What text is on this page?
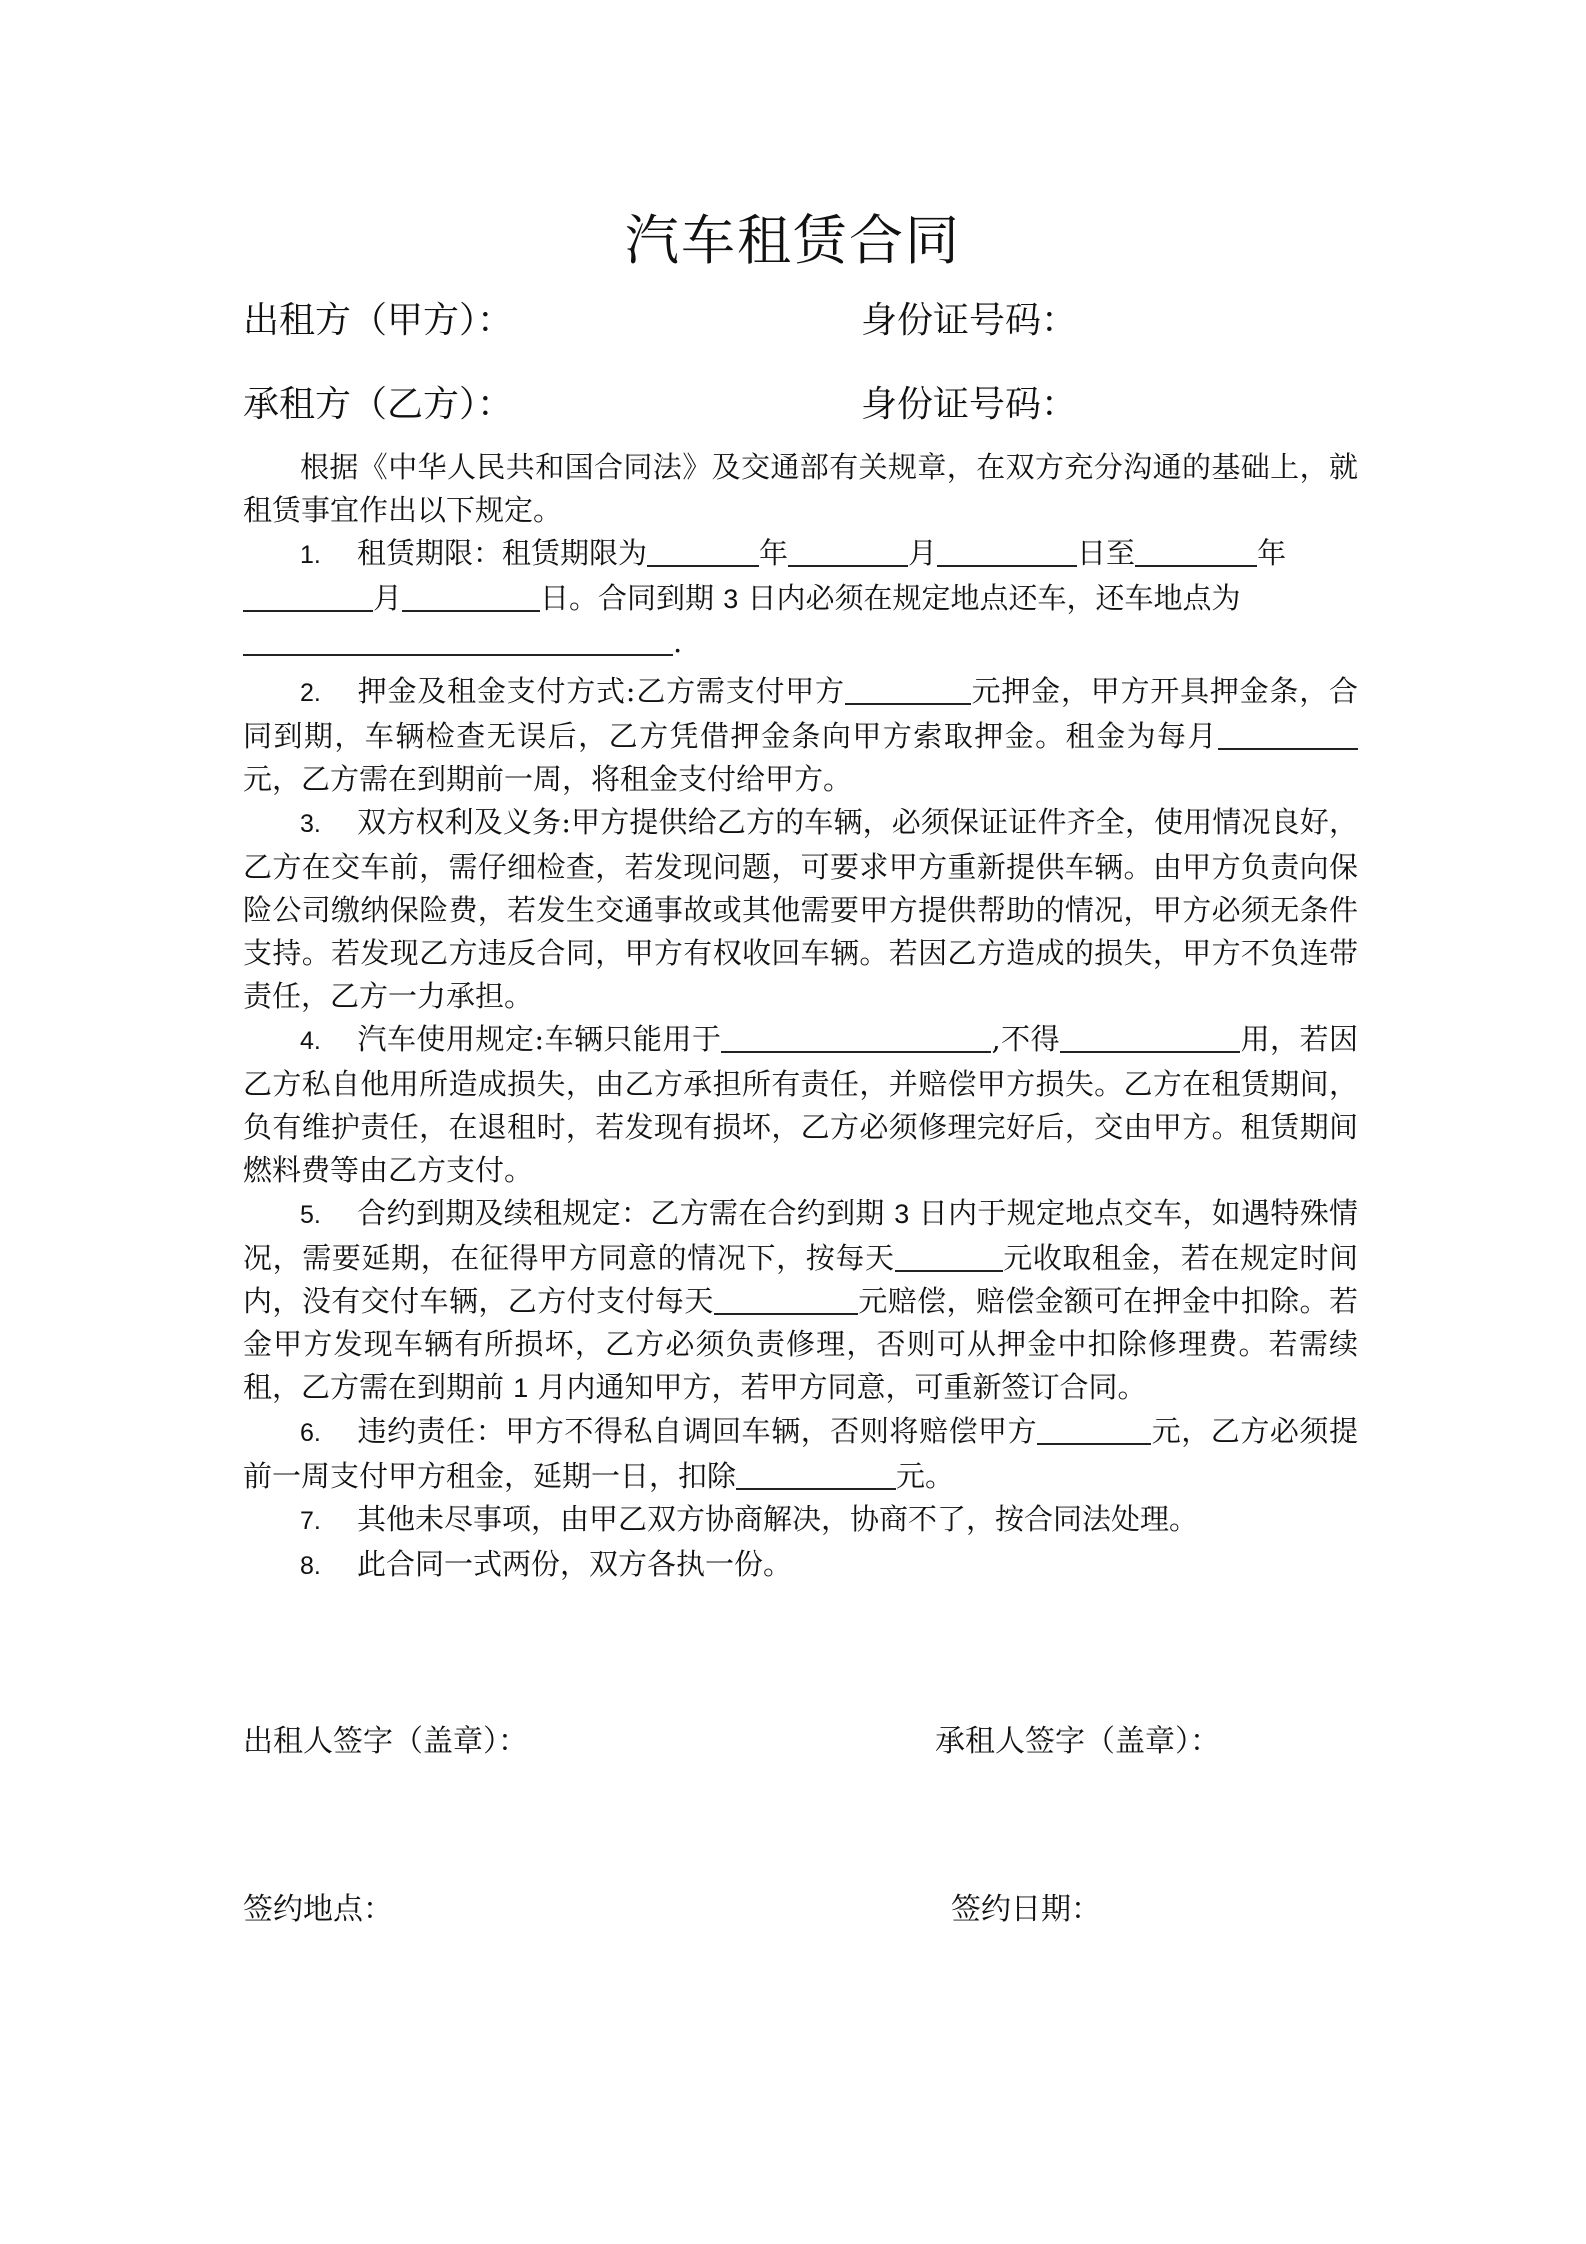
汽车租赁合同
出租方（甲方）：	身份证号码：
承租方（乙方）：	身份证号码：

根据《中华人民共和国合同法》及交通部有关规章，在双方充分沟通的基础上，就租赁事宜作出以下规定。

1. 租赁期限：租赁期限为	年	月	日至	年
月	日。合同到期 3 日内必须在规定地点还车，还车地点为
.

2. 押金及租金支付方式:乙方需支付甲方	元押金，甲方开具押金条，合同到期，车辆检查无误后，乙方凭借押金条向甲方索取押金。租金为每月元，乙方需在到期前一周，将租金支付给甲方。

3. 双方权利及义务:甲方提供给乙方的车辆，必须保证证件齐全，使用情况良好，乙方在交车前，需仔细检查，若发现问题，可要求甲方重新提供车辆。由甲方负责向保险公司缴纳保险费，若发生交通事故或其他需要甲方提供帮助的情况，甲方必须无条件支持。若发现乙方违反合同，甲方有权收回车辆。若因乙方造成的损失，甲方不负连带责任，乙方一力承担。

4. 汽车使用规定:车辆只能用于	,不得	用，若因乙方私自他用所造成损失，由乙方承担所有责任，并赔偿甲方损失。乙方在租赁期间，负有维护责任，在退租时，若发现有损坏，乙方必须修理完好后，交由甲方。租赁期间燃料费等由乙方支付。

5. 合约到期及续租规定：乙方需在合约到期 3 日内于规定地点交车，如遇特殊情况，需要延期，在征得甲方同意的情况下，按每天	元收取租金，若在规定时间内，没有交付车辆，乙方付支付每天	元赔偿，赔偿金额可在押金中扣除。若金甲方发现车辆有所损坏，乙方必须负责修理，否则可从押金中扣除修理费。若需续租，乙方需在到期前 1 月内通知甲方，若甲方同意，可重新签订合同。

6. 违约责任：甲方不得私自调回车辆，否则将赔偿甲方	元，乙方必须提前一周支付甲方租金，延期一日，扣除	元。

7. 其他未尽事项，由甲乙双方协商解决，协商不了，按合同法处理。

8. 此合同一式两份，双方各执一份。

出租人签字（盖章）：	承租人签字（盖章）：
签约地点：	签约日期：
